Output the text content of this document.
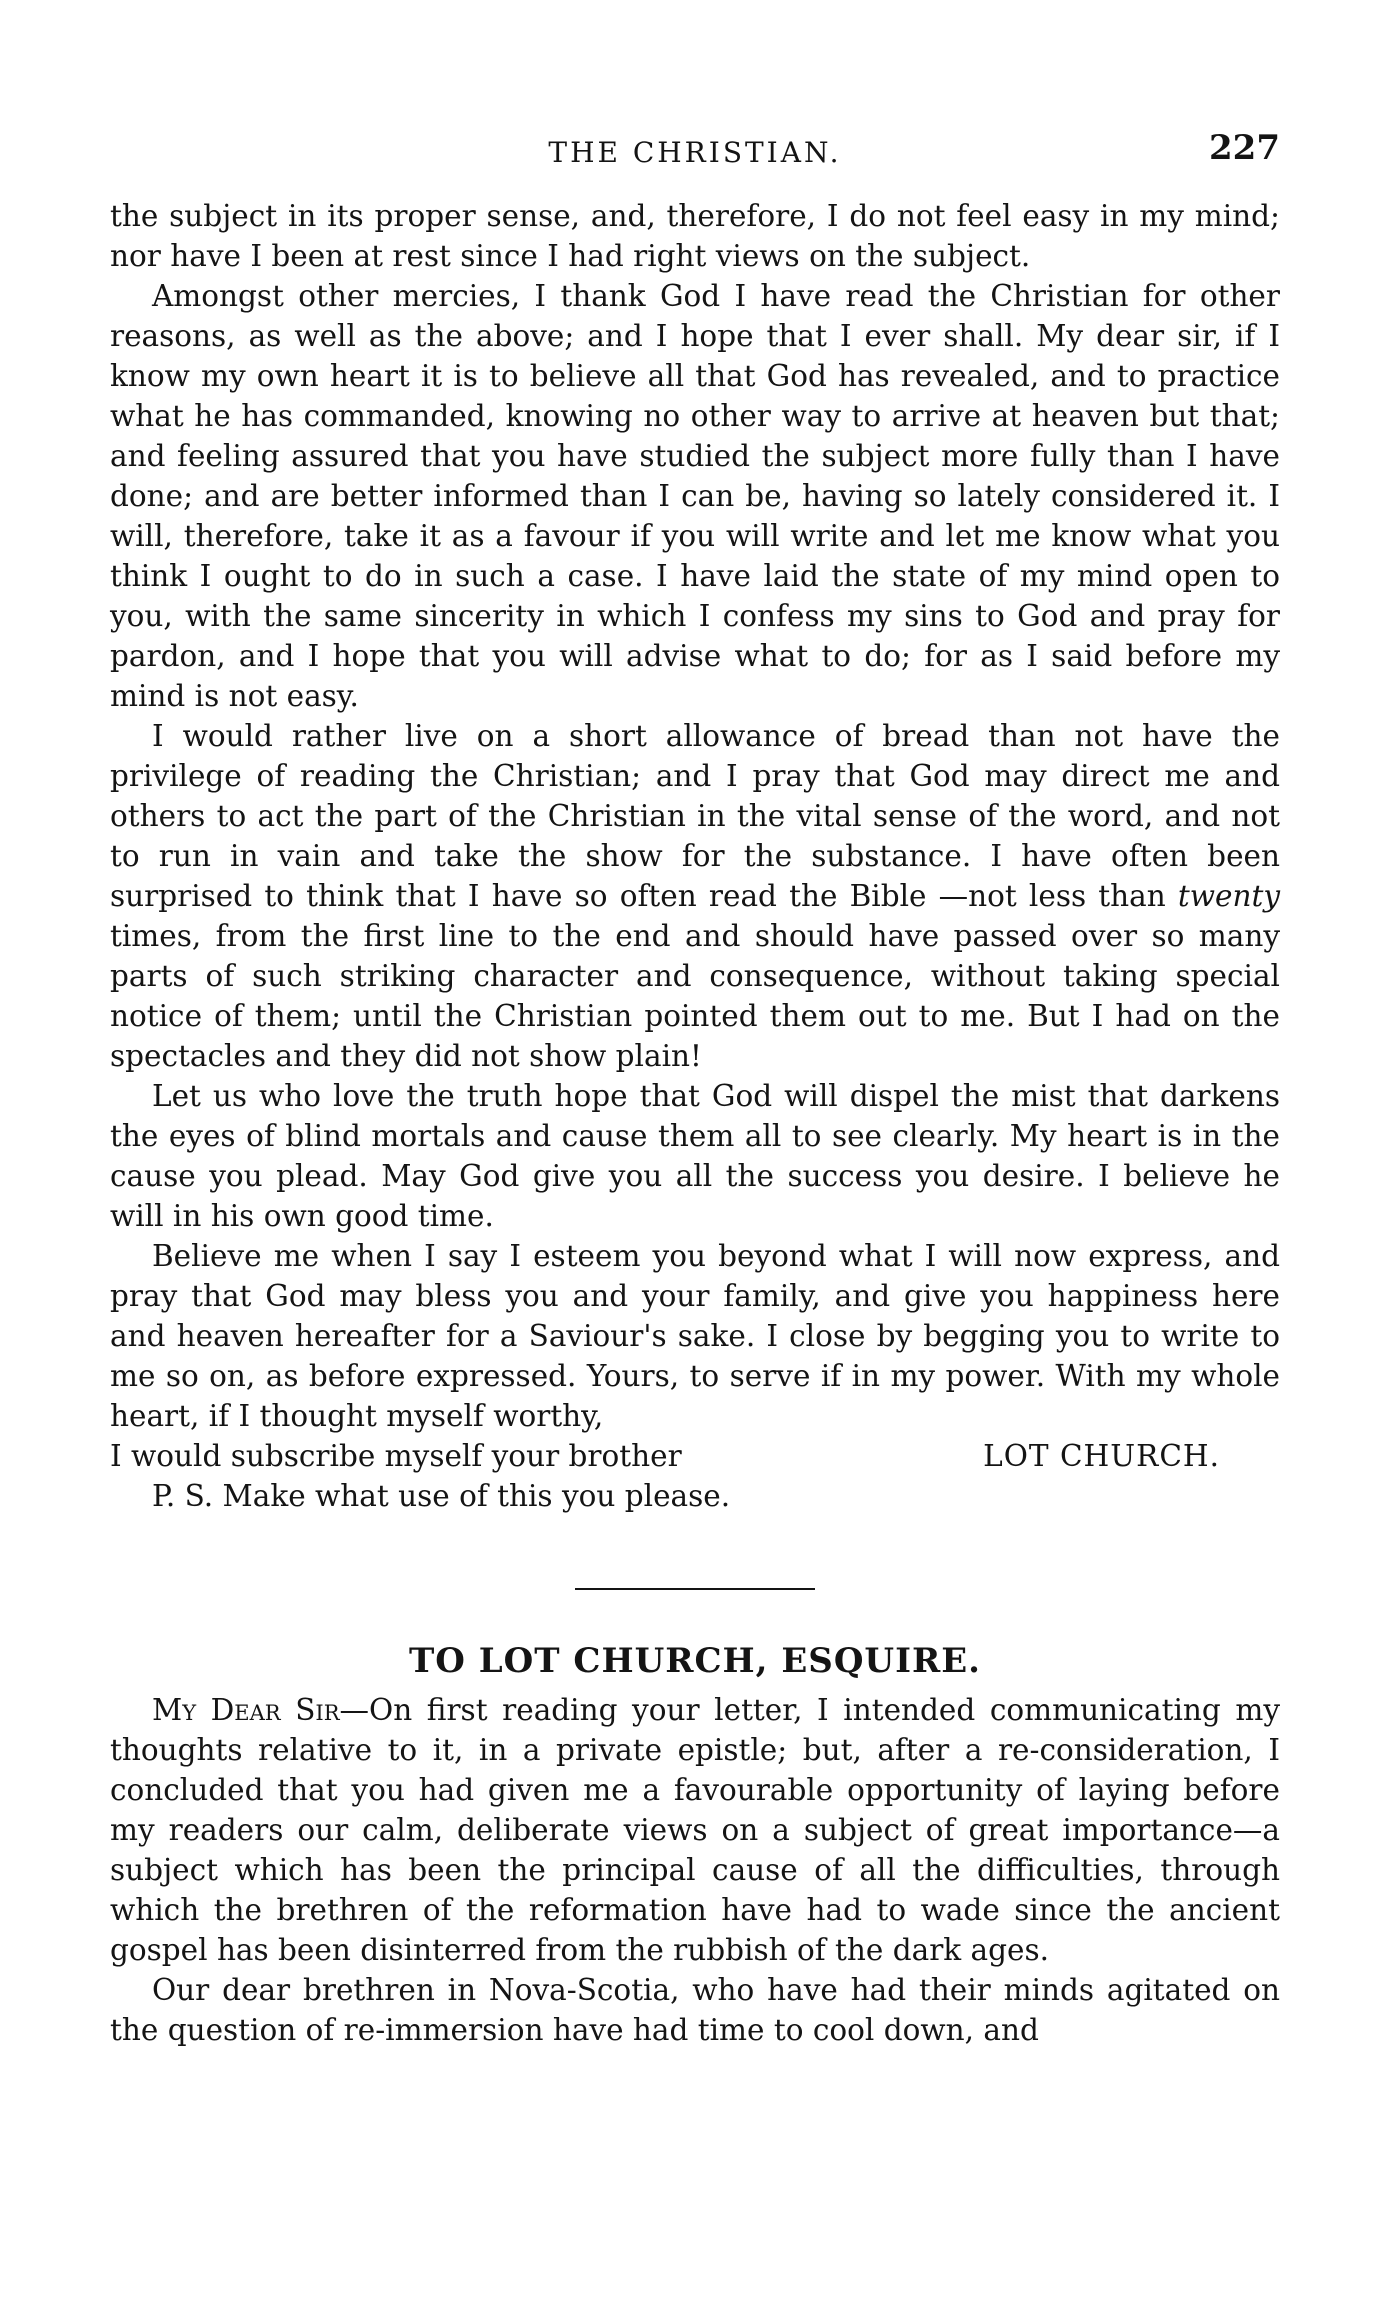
THE CHRISTIAN.	227

the subject in its proper sense, and, therefore, I do not feel easy in my mind; nor have I been at rest since I had right views on the subject.

Amongst other mercies, I thank God I have read the Christian for other reasons, as well as the above; and I hope that I ever shall. My dear sir, if I know my own heart it is to believe all that God has revealed, and to practice what he has commanded, knowing no other way to arrive at heaven but that; and feeling assured that you have studied the subject more fully than I have done; and are better informed than I can be, having so lately considered it. I will, therefore, take it as a favour if you will write and let me know what you think I ought to do in such a case. I have laid the state of my mind open to you, with the same sincerity in which I confess my sins to God and pray for pardon, and I hope that you will advise what to do; for as I said before my mind is not easy.

I would rather live on a short allowance of bread than not have the privilege of reading the Christian; and I pray that God may direct me and others to act the part of the Christian in the vital sense of the word, and not to run in vain and take the show for the substance. I have often been surprised to think that I have so often read the Bible —not less than twenty times, from the first line to the end and should have passed over so many parts of such striking character and consequence, without taking special notice of them; until the Christian pointed them out to me. But I had on the spectacles and they did not show plain!

Let us who love the truth hope that God will dispel the mist that darkens the eyes of blind mortals and cause them all to see clearly. My heart is in the cause you plead. May God give you all the success you desire. I believe he will in his own good time.

Believe me when I say I esteem you beyond what I will now express, and pray that God may bless you and your family, and give you happiness here and heaven hereafter for a Saviour's sake. I close by begging you to write to me so on, as before expressed. Yours, to serve if in my power. With my whole heart, if I thought myself worthy,

I would subscribe myself your brother	LOT CHURCH.

P. S. Make what use of this you please.

TO LOT CHURCH, ESQUIRE.

My Dear Sir—On first reading your letter, I intended communicating my thoughts relative to it, in a private epistle; but, after a re-consideration, I concluded that you had given me a favourable opportunity of laying before my readers our calm, deliberate views on a subject of great importance—a subject which has been the principal cause of all the difficulties, through which the brethren of the reformation have had to wade since the ancient gospel has been disinterred from the rubbish of the dark ages.

Our dear brethren in Nova-Scotia, who have had their minds agitated on the question of re-immersion have had time to cool down, and
